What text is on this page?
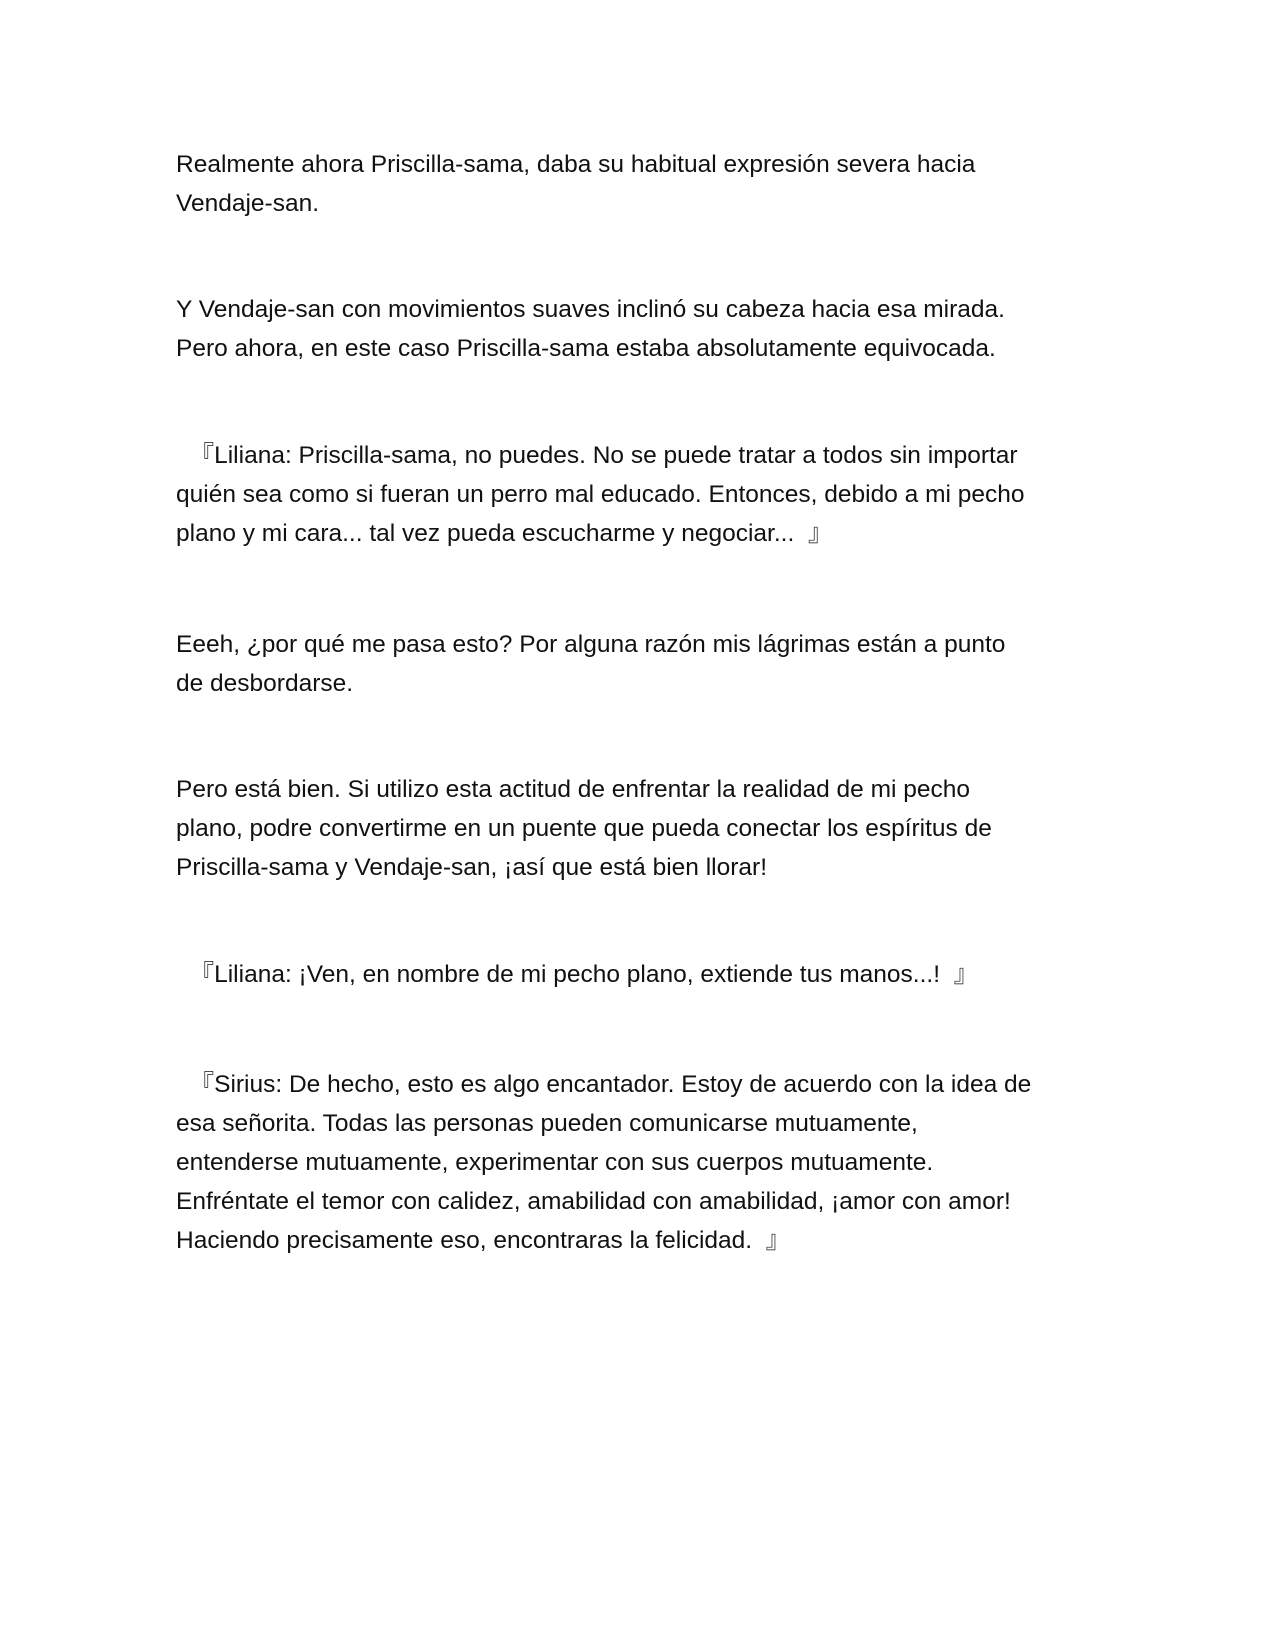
Realmente ahora Priscilla-sama, daba su habitual expresión severa hacia
Vendaje-san.

Y Vendaje-san con movimientos suaves inclinó su cabeza hacia esa mirada.
Pero ahora, en este caso Priscilla-sama estaba absolutamente equivocada.

『Liliana: Priscilla-sama, no puedes. No se puede tratar a todos sin importar
quién sea como si fueran un perro mal educado. Entonces, debido a mi pecho
plano y mi cara... tal vez pueda escucharme y negociar...  』

Eeeh, ¿por qué me pasa esto? Por alguna razón mis lágrimas están a punto
de desbordarse.

Pero está bien. Si utilizo esta actitud de enfrentar la realidad de mi pecho
plano, podre convertirme en un puente que pueda conectar los espíritus de
Priscilla-sama y Vendaje-san, ¡así que está bien llorar!

『Liliana: ¡Ven, en nombre de mi pecho plano, extiende tus manos...!  』

『Sirius: De hecho, esto es algo encantador. Estoy de acuerdo con la idea de
esa señorita. Todas las personas pueden comunicarse mutuamente,
entenderse mutuamente, experimentar con sus cuerpos mutuamente.
Enfréntate el temor con calidez, amabilidad con amabilidad, ¡amor con amor!
Haciendo precisamente eso, encontraras la felicidad.  』
